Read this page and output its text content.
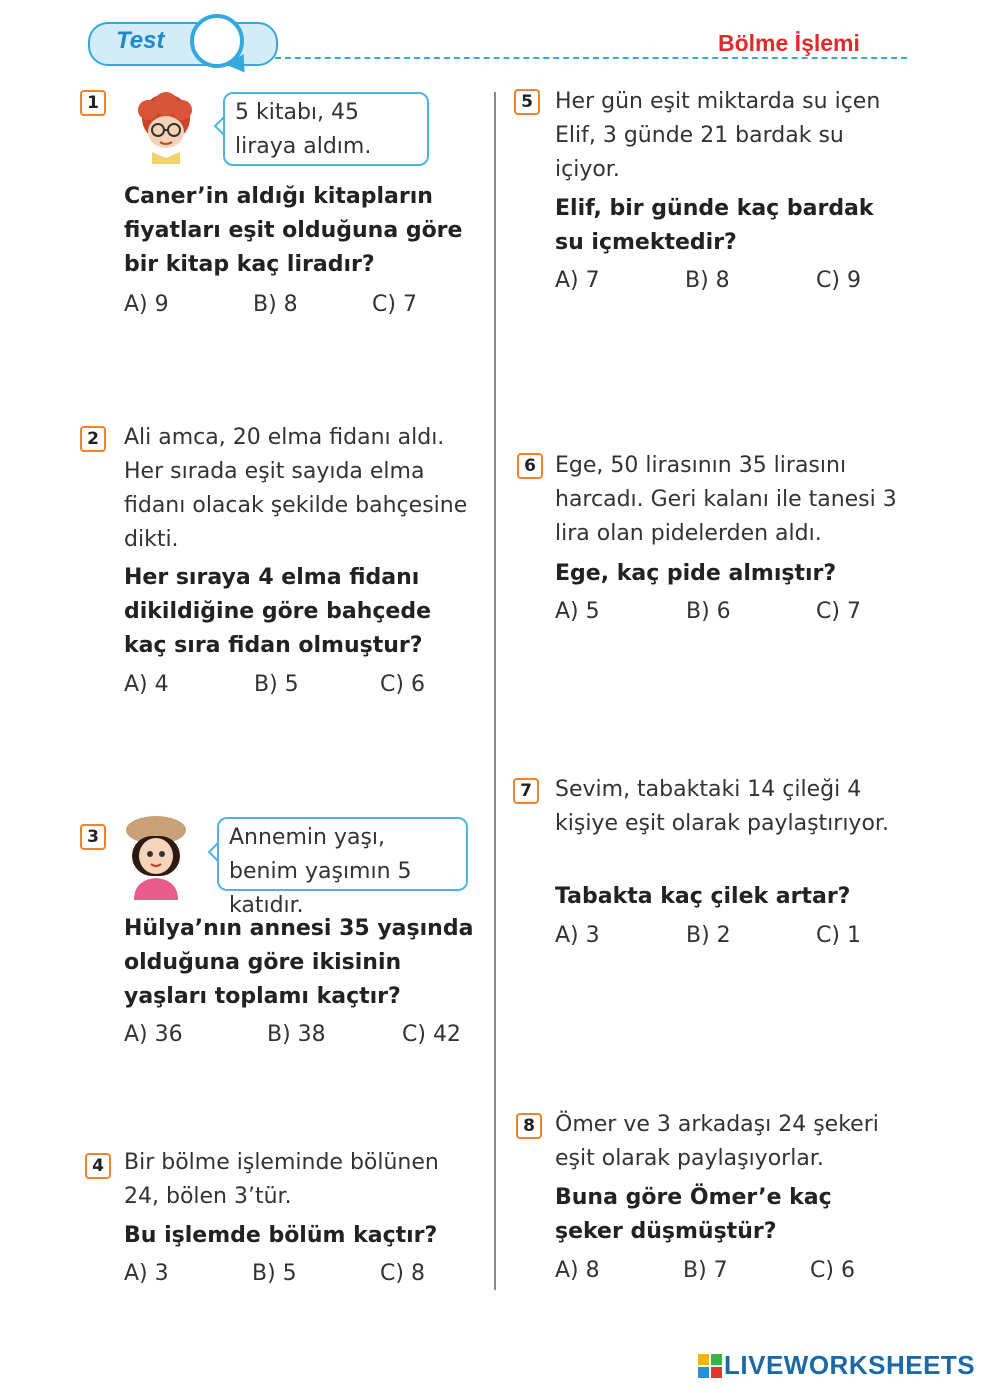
Test	Bölme İşlemi
1	5 kitabı, 45 liraya aldım.
Caner’in aldığı kitapların fiyatları eşit olduğuna göre bir kitap kaç liradır?
A) 9	B) 8	C) 7
2	Ali amca, 20 elma fidanı aldı. Her sırada eşit sayıda elma fidanı olacak şekilde bahçesine dikti.
Her sıraya 4 elma fidanı dikildiğine göre bahçede kaç sıra fidan olmuştur?
A) 4	B) 5	C) 6
3	Annemin yaşı, benim yaşımın 5 katıdır.
Hülya’nın annesi 35 yaşında olduğuna göre ikisinin yaşları toplamı kaçtır?
A) 36	B) 38	C) 42
4 Bir bölme işleminde bölünen 24, bölen 3’tür.
Bu işlemde bölüm kaçtır?
A) 3	B) 5	C) 8
5	Her gün eşit miktarda su içen Elif, 3 günde 21 bardak su içiyor.
Elif, bir günde kaç bardak su içmektedir?
A) 7	B) 8	C) 9
6 Ege, 50 lirasının 35 lirasını harcadı. Geri kalanı ile tanesi 3 lira olan pidelerden aldı.
Ege, kaç pide almıştır?
A) 5	B) 6	C) 7
7	Sevim, tabaktaki 14 çileği 4 kişiye eşit olarak paylaştırıyor.
Tabakta kaç çilek artar?
A) 3	B) 2	C) 1
8 Ömer ve 3 arkadaşı 24 şekeri eşit olarak paylaşıyorlar.
Buna göre Ömer’e kaç şeker düşmüştür?
A) 8	B) 7	C) 6
LIVEWORKSHEETS
